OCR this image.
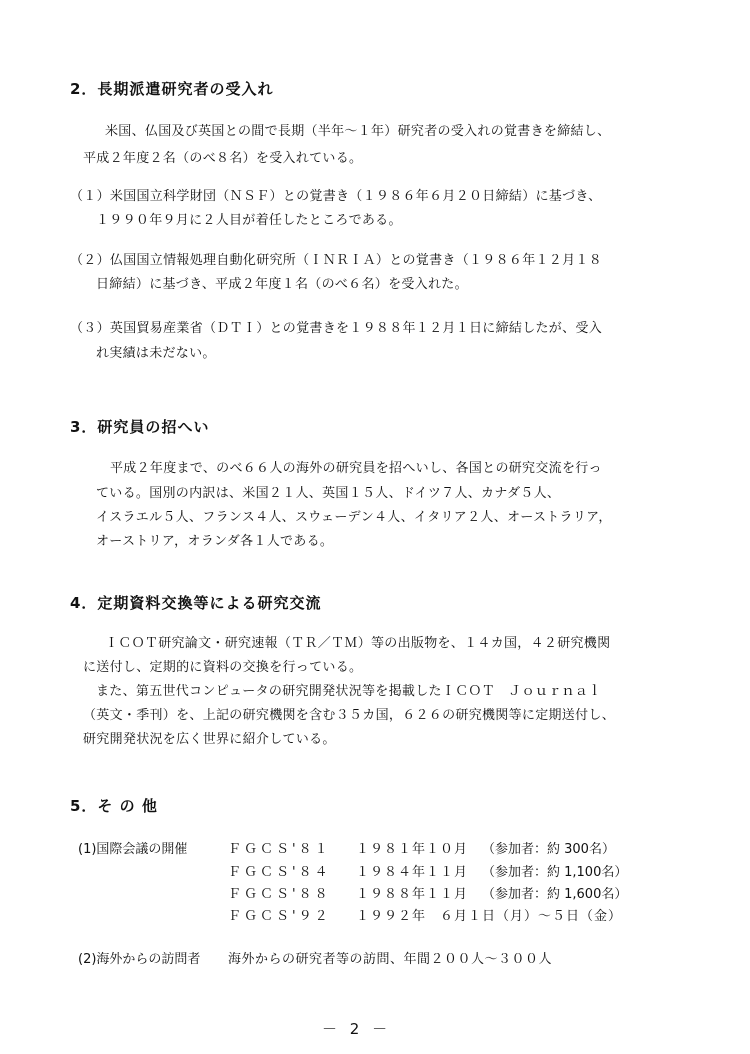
2．長期派遣研究者の受入れ
米国、仏国及び英国との間で長期（半年〜１年）研究者の受入れの覚書きを締結し、
平成２年度２名（のべ８名）を受入れている。
（１）米国国立科学財団（ＮＳＦ）との覚書き（１９８６年６月２０日締結）に基づき、
１９９０年９月に２人目が着任したところである。
（２）仏国国立情報処理自動化研究所（ＩＮＲＩＡ）との覚書き（１９８６年１２月１８
日締結）に基づき、平成２年度１名（のべ６名）を受入れた。
（３）英国貿易産業省（ＤＴＩ）との覚書きを１９８８年１２月１日に締結したが、受入
れ実績は未だない。
3．研究員の招へい
平成２年度まで、のべ６６人の海外の研究員を招へいし、各国との研究交流を行っ
ている。国別の内訳は、米国２１人、英国１５人、ドイツ７人、カナダ５人、
イスラエル５人、フランス４人、スウェーデン４人、イタリア２人、オーストラリア，
オーストリア，オランダ各１人である。
4．定期資料交換等による研究交流
ＩＣＯＴ研究論文・研究速報（ＴＲ／ＴＭ）等の出版物を、１４カ国，４２研究機関
に送付し、定期的に資料の交換を行っている。
また、第五世代コンピュータの研究開発状況等を掲載したＩＣＯＴ　Ｊｏｕｒｎａｌ
（英文・季刊）を、上記の研究機関を含む３５カ国，６２６の研究機関等に定期送付し、
研究開発状況を広く世界に紹介している。
5．そ の 他
(1)国際会議の開催	ＦＧＣＳ'８１ １９８１年１０月 （参加者：約 300名）
ＦＧＣＳ'８４ １９８４年１１月 （参加者：約 1,100名）
ＦＧＣＳ'８８ １９８８年１１月 （参加者：約 1,600名）
ＦＧＣＳ'９２ １９９２年　６月１日（月）〜５日（金）
(2)海外からの訪問者 海外からの研究者等の訪問、年間２００人〜３００人
－ 2 －
